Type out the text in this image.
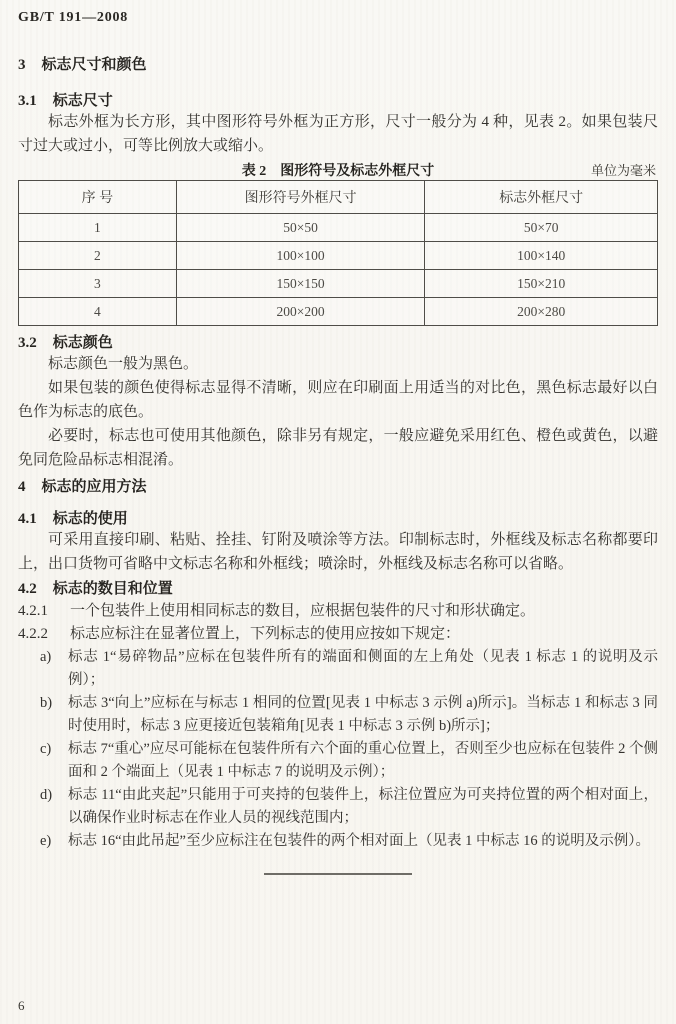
GB/T 191—2008
3 标志尺寸和颜色
3.1 标志尺寸

标志外框为长方形，其中图形符号外框为正方形，尺寸一般分为 4 种，见表 2。如果包装尺寸过大或过小，可等比例放大或缩小。

表 2　图形符号及标志外框尺寸	单位为毫米
序 号	图形符号外框尺寸	标志外框尺寸
1	50×50	50×70
2	100×100	100×140
3	150×150	150×210
4	200×200	200×280
3.2 标志颜色

标志颜色一般为黑色。

如果包装的颜色使得标志显得不清晰，则应在印刷面上用适当的对比色，黑色标志最好以白色作为标志的底色。

必要时，标志也可使用其他颜色，除非另有规定，一般应避免采用红色、橙色或黄色，以避免同危险品标志相混淆。

4 标志的应用方法
4.1 标志的使用

可采用直接印刷、粘贴、拴挂、钉附及喷涂等方法。印制标志时，外框线及标志名称都要印上，出口货物可省略中文标志名称和外框线；喷涂时，外框线及标志名称可以省略。

4.2 标志的数目和位置
4.2.1	一个包装件上使用相同标志的数目，应根据包装件的尺寸和形状确定。
4.2.2	标志应标注在显著位置上，下列标志的使用应按如下规定：
a)	标志 1“易碎物品”应标在包装件所有的端面和侧面的左上角处（见表 1 标志 1 的说明及示例）；
b)	标志 3“向上”应标在与标志 1 相同的位置[见表 1 中标志 3 示例 a)所示]。当标志 1 和标志 3 同时使用时，标志 3 应更接近包装箱角[见表 1 中标志 3 示例 b)所示]；
c)	标志 7“重心”应尽可能标在包装件所有六个面的重心位置上，否则至少也应标在包装件 2 个侧面和 2 个端面上（见表 1 中标志 7 的说明及示例）；
d)	标志 11“由此夹起”只能用于可夹持的包装件上，标注位置应为可夹持位置的两个相对面上，以确保作业时标志在作业人员的视线范围内；
e)	标志 16“由此吊起”至少应标注在包装件的两个相对面上（见表 1 中标志 16 的说明及示例）。
6
